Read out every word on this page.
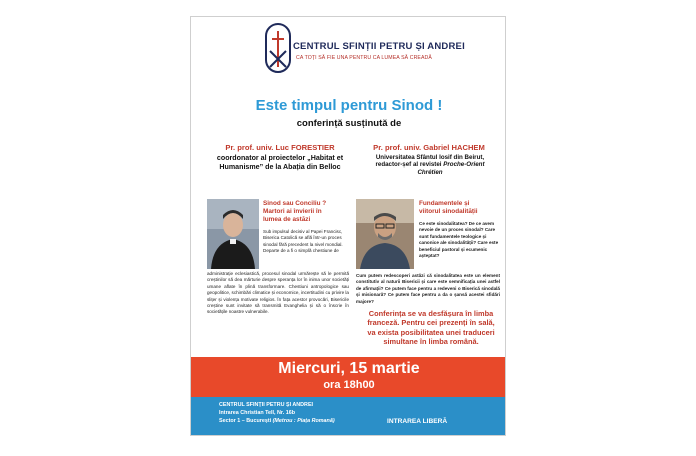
CENTRUL SFINȚII PETRU ȘI ANDREI
CA TOȚI SĂ FIE UNA PENTRU CA LUMEA SĂ CREADĂ
Este timpul pentru Sinod !
conferință susținută de
Pr. prof. univ. Luc FORESTIER
coordonator al proiectelor „Habitat et
Humanisme” de la Abația din Belloc
Pr. prof. univ. Gabriel HACHEM
Universitatea Sfântul Iosif din Beirut,
redactor-șef al revistei Proche-Orient
Chrétien
Sinod sau Conciliu ?
Martori ai învierii în
lumea de astăzi
Fundamentele și
viitorul sinodalității
Sub impulsul decisiv al Papei Francisc, Biserica Catolică se află într-un proces sinodal fără precedent la nivel mondial. Departe de a fi o simplă chestiune de
administrație eclesiastică, procesul sinodal urmărește să le permită creștinilor să dea mărturie despre speranța lor în inima unor societăți umane aflate în plină transformare. Chestiuni antropologice sau geopolitice, schimbări climatice și economice, incertitudini cu privire la slițer și violența motivate religios. În fața acestor provocări, Bisericile creștine sunt invitate să transmită Evanghelia și să o înscrie în societățile noastre vulnerabile.
Ce este sinodalitatea? De ce avem nevoie de un proces sinodal? Care sunt fundamentele teologice și canonice ale sinodalității? Care este beneficiul pastoral și ecumenic așteptat?
Cum putem redescoperi astăzi că sinodalitatea este un element constitutiv al naturii Bisericii și care este semnificația unei astfel de afirmații? Ce putem face pentru a redeveni o Biserică sinodală și misionară? Ce putem face pentru a da o șansă acestei sfidări majore?
Conferința se va desfășura în limba
franceză. Pentru cei prezenți în sală,
va exista posibilitatea unei traduceri
simultane în limba română.
Miercuri, 15 martie
ora 18h00
CENTRUL SFINȚII PETRU ȘI ANDREI
Intrarea Christian Tell, Nr. 16b
Sector 1 – București (Metrou : Piața Romană)	INTRAREA LIBERĂ
